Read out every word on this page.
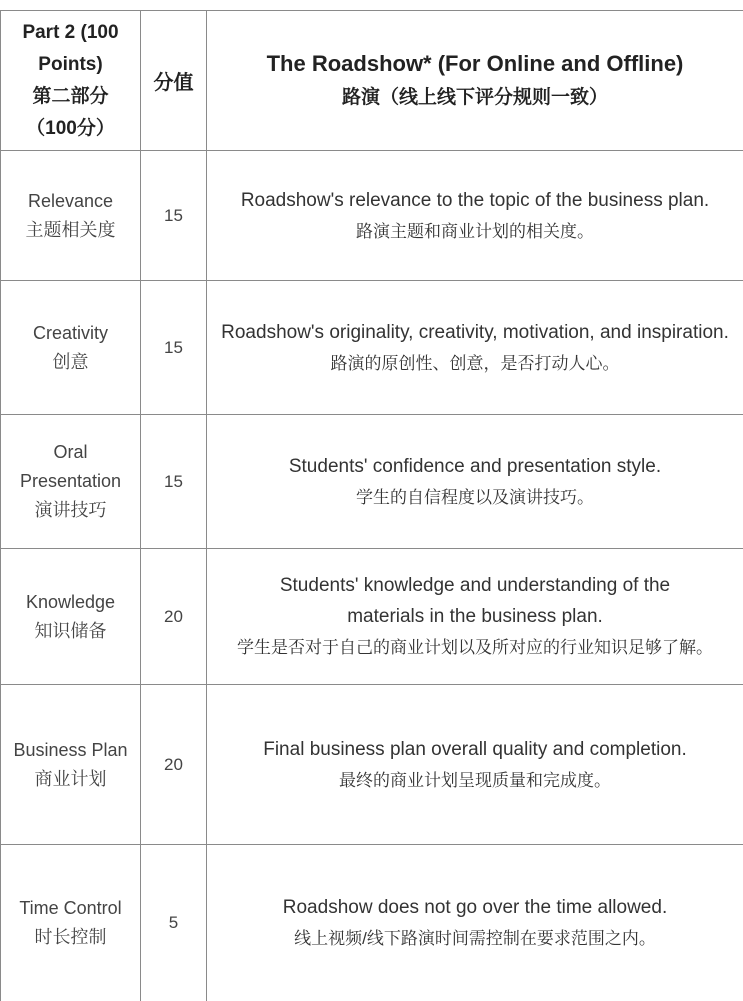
Part 2 (100
Points)
第二部分
（100分）	分值	The Roadshow* (For Online and Offline)
路演（线上线下评分规则一致）

Relevance
主题相关度	15	Roadshow's relevance to the topic of the business plan.
路演主题和商业计划的相关度。

Creativity
创意	15	Roadshow's originality, creativity, motivation, and inspiration.
路演的原创性、创意，是否打动人心。

Oral
Presentation
演讲技巧	15	Students' confidence and presentation style.
学生的自信程度以及演讲技巧。

Knowledge
知识储备	20	Students' knowledge and understanding of the materials in the business plan.
学生是否对于自己的商业计划以及所对应的行业知识足够了解。

Business Plan
商业计划	20	Final business plan overall quality and completion.
最终的商业计划呈现质量和完成度。

Time Control
时长控制	5	Roadshow does not go over the time allowed.
线上视频/线下路演时间需控制在要求范围之内。
